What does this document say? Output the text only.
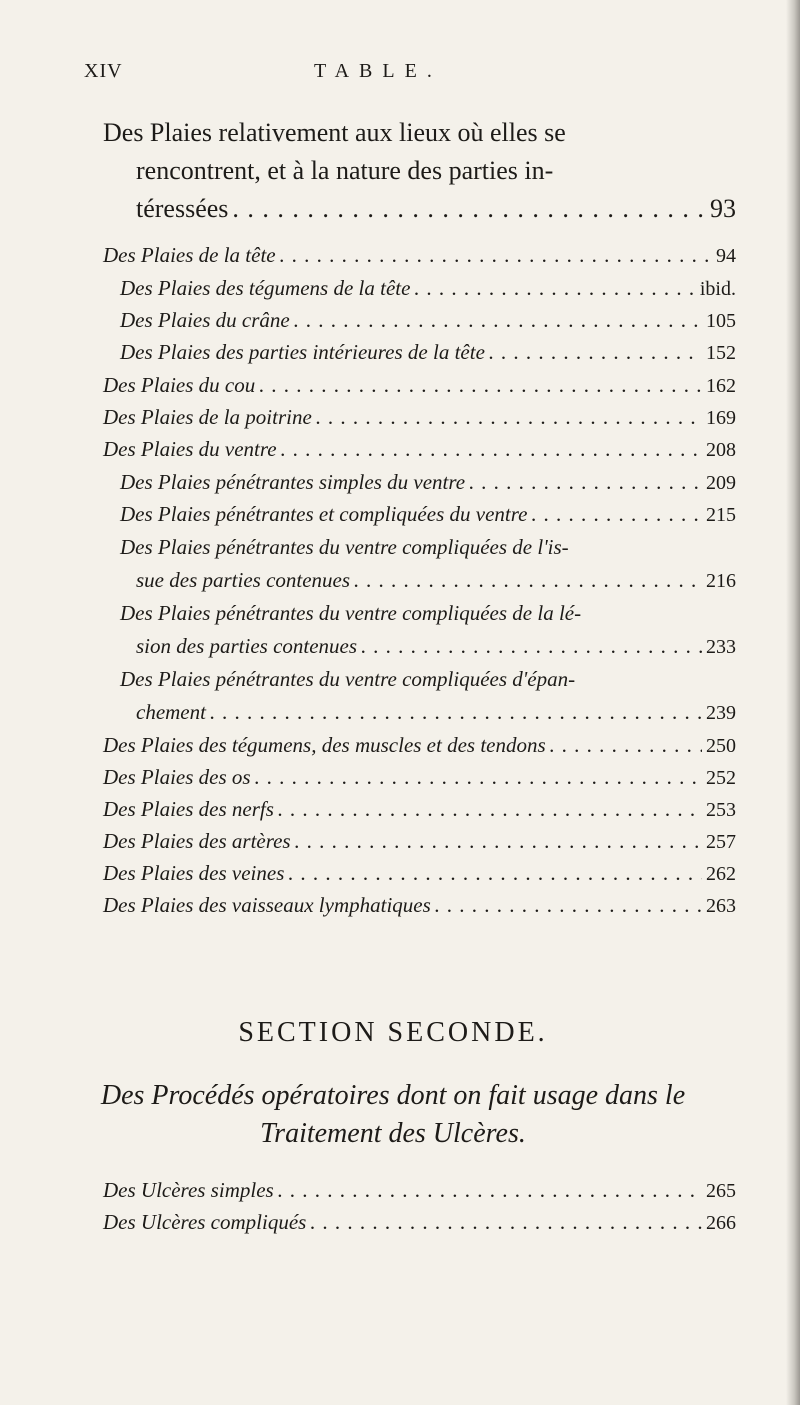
XIV	TABLE.
Des Plaies relativement aux lieux où elles se
rencontrent, et à la nature des parties in-
téressées . . .	93
Des Plaies de la tête . . .	94
Des Plaies des tégumens de la tête . . .	ibid.
Des Plaies du crâne . . .	105
Des Plaies des parties intérieures de la tête . . .	152
Des Plaies du cou . . .	162
Des Plaies de la poitrine . . .	169
Des Plaies du ventre . . .	208
Des Plaies pénétrantes simples du ventre . . .	209
Des Plaies pénétrantes et compliquées du ventre . . .	215
Des Plaies pénétrantes du ventre compliquées de l'is-
sue des parties contenues . . .	216
Des Plaies pénétrantes du ventre compliquées de la lé-
sion des parties contenues . . .	233
Des Plaies pénétrantes du ventre compliquées d'épan-
chement . . .	239
Des Plaies des tégumens, des muscles et des tendons . . .	250
Des Plaies des os . . .	252
Des Plaies des nerfs . . .	253
Des Plaies des artères . . .	257
Des Plaies des veines . . .	262
Des Plaies des vaisseaux lymphatiques . . .	263
SECTION SECONDE.
Des Procédés opératoires dont on fait usage dans le
Traitement des Ulcères.
Des Ulcères simples . . .	265
Des Ulcères compliqués . . .	266
